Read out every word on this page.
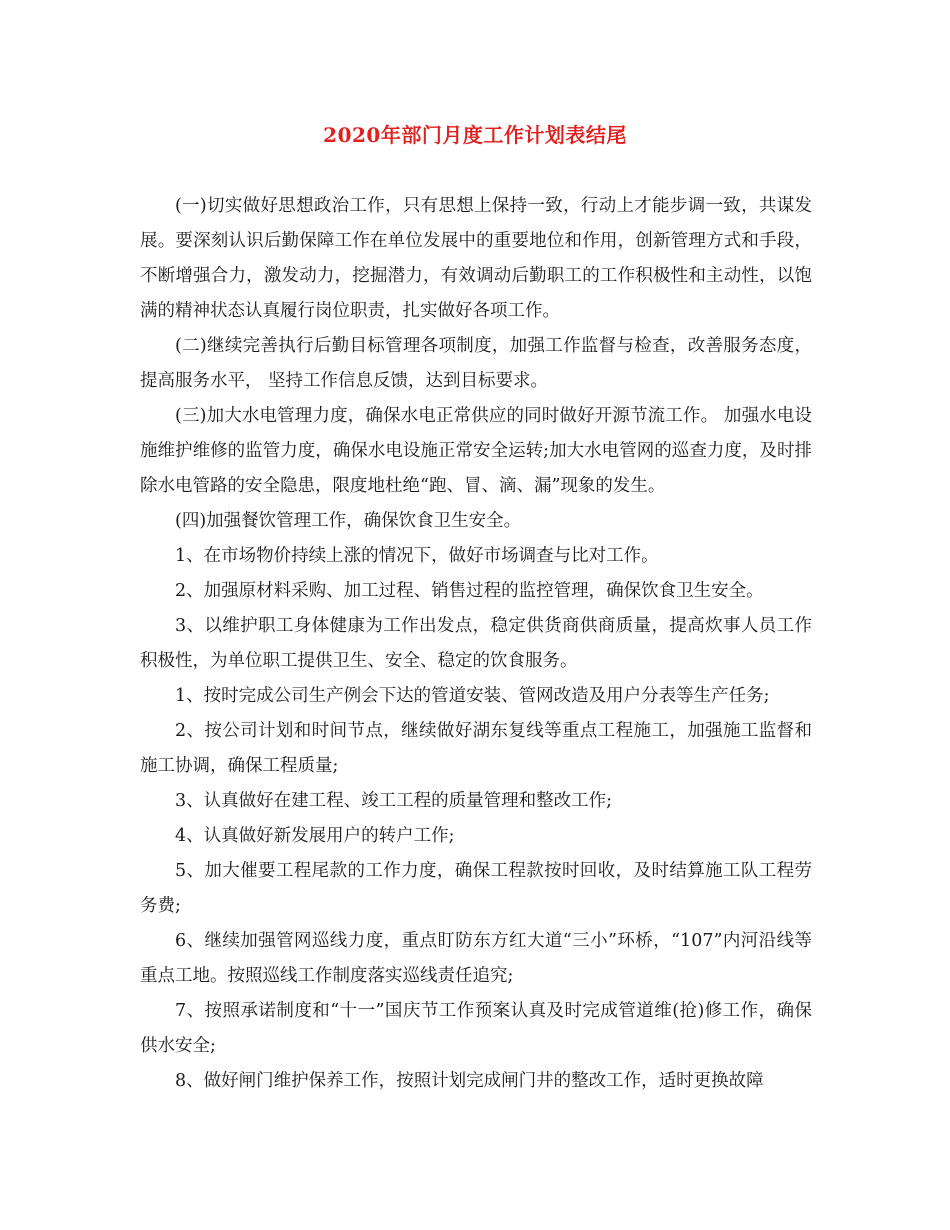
2020年部门月度工作计划表结尾

(一)切实做好思想政治工作，只有思想上保持一致，行动上才能步调一致，共谋发展。要深刻认识后勤保障工作在单位发展中的重要地位和作用，创新管理方式和手段，不断增强合力，激发动力，挖掘潜力，有效调动后勤职工的工作积极性和主动性，以饱满的精神状态认真履行岗位职责，扎实做好各项工作。

(二)继续完善执行后勤目标管理各项制度，加强工作监督与检查，改善服务态度，提高服务水平， 坚持工作信息反馈，达到目标要求。

(三)加大水电管理力度，确保水电正常供应的同时做好开源节流工作。 加强水电设施维护维修的监管力度，确保水电设施正常安全运转;加大水电管网的巡查力度，及时排除水电管路的安全隐患，限度地杜绝“跑、冒、滴、漏”现象的发生。

(四)加强餐饮管理工作，确保饮食卫生安全。

1、在市场物价持续上涨的情况下，做好市场调查与比对工作。

2、加强原材料采购、加工过程、销售过程的监控管理，确保饮食卫生安全。

3、以维护职工身体健康为工作出发点，稳定供货商供商质量，提高炊事人员工作积极性，为单位职工提供卫生、安全、稳定的饮食服务。

1、按时完成公司生产例会下达的管道安装、管网改造及用户分表等生产任务;

2、按公司计划和时间节点，继续做好湖东复线等重点工程施工，加强施工监督和施工协调，确保工程质量;

3、认真做好在建工程、竣工工程的质量管理和整改工作;

4、认真做好新发展用户的转户工作;

5、加大催要工程尾款的工作力度，确保工程款按时回收，及时结算施工队工程劳务费;

6、继续加强管网巡线力度，重点盯防东方红大道“三小”环桥，“107”内河沿线等重点工地。按照巡线工作制度落实巡线责任追究;

7、按照承诺制度和“十一”国庆节工作预案认真及时完成管道维(抢)修工作，确保供水安全;

8、做好闸门维护保养工作，按照计划完成闸门井的整改工作，适时更换故障
